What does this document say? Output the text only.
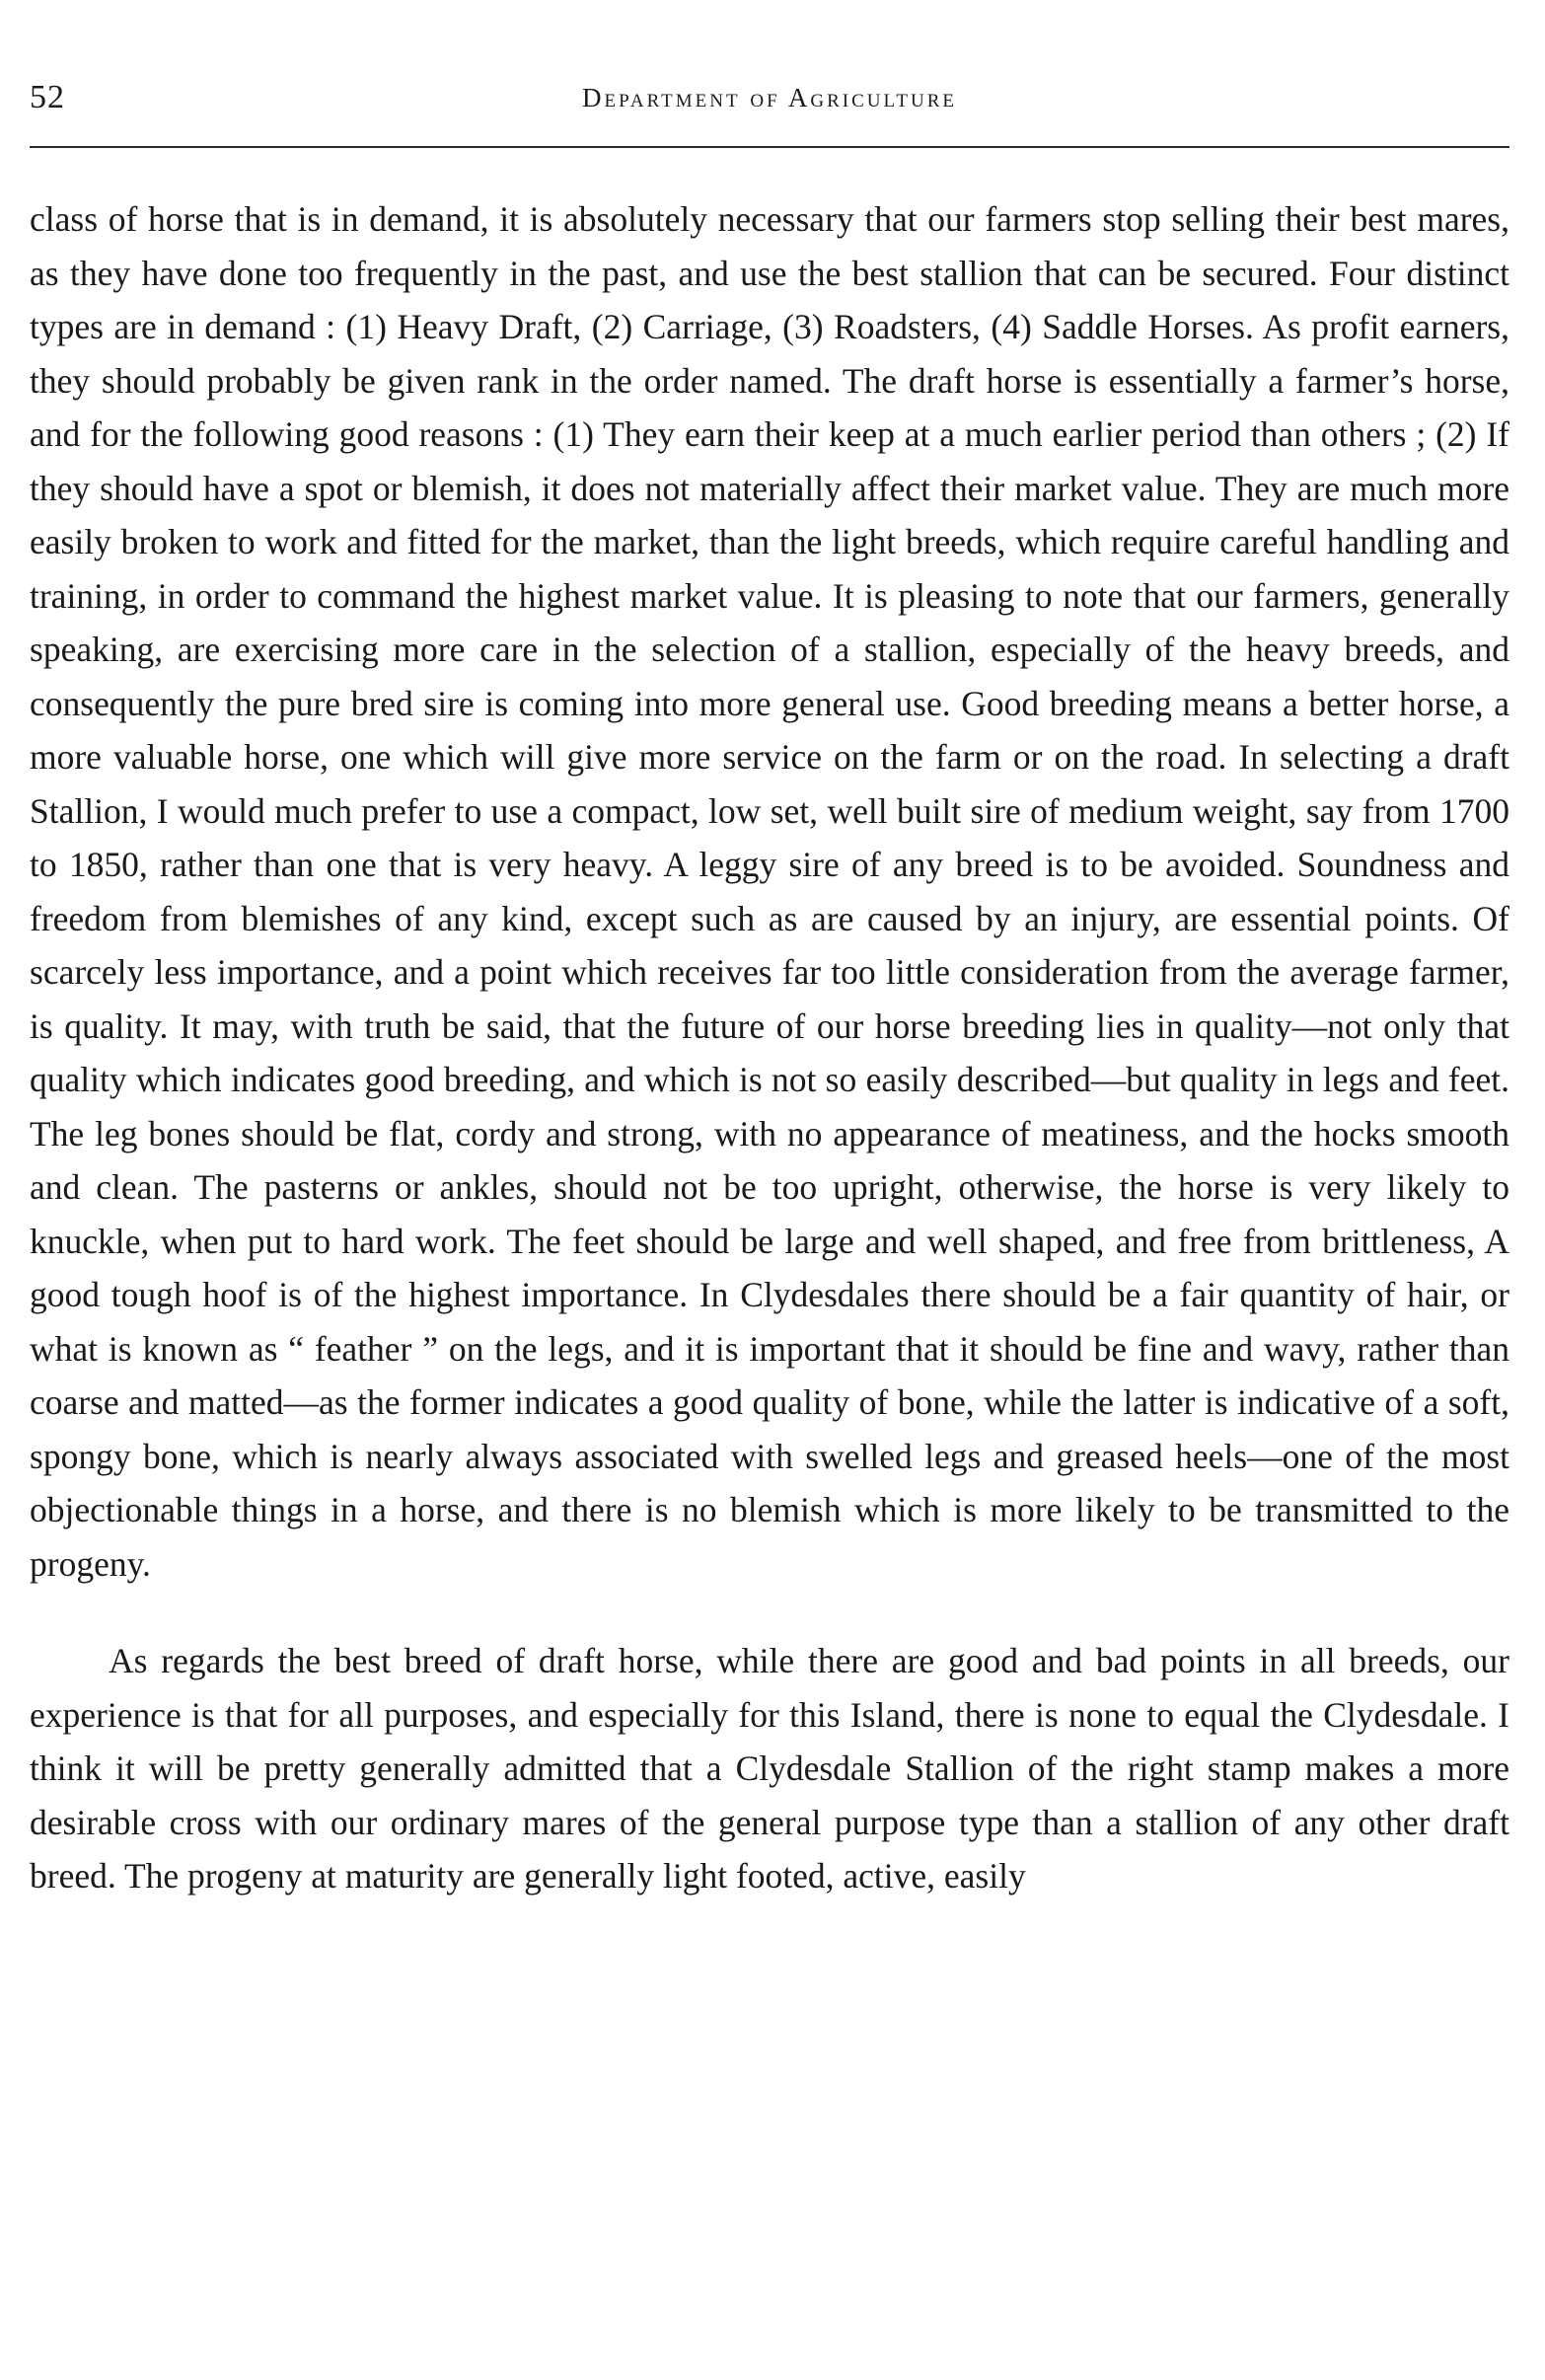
52	Department of Agriculture

class of horse that is in demand, it is absolutely necessary that our farmers stop selling their best mares, as they have done too frequently in the past, and use the best stallion that can be secured. Four distinct types are in demand : (1) Heavy Draft, (2) Carriage, (3) Roadsters, (4) Saddle Horses. As profit earners, they should probably be given rank in the order named. The draft horse is essentially a farmer’s horse, and for the following good reasons : (1) They earn their keep at a much earlier period than others ; (2) If they should have a spot or blemish, it does not materially affect their market value. They are much more easily broken to work and fitted for the market, than the light breeds, which require careful handling and training, in order to command the highest market value. It is pleasing to note that our farmers, generally speaking, are exercising more care in the selection of a stallion, especially of the heavy breeds, and consequently the pure bred sire is coming into more general use. Good breeding means a better horse, a more valuable horse, one which will give more service on the farm or on the road. In selecting a draft Stallion, I would much prefer to use a compact, low set, well built sire of medium weight, say from 1700 to 1850, rather than one that is very heavy. A leggy sire of any breed is to be avoided. Soundness and freedom from blemishes of any kind, except such as are caused by an injury, are essential points. Of scarcely less importance, and a point which receives far too little consideration from the average farmer, is quality. It may, with truth be said, that the future of our horse breeding lies in quality—not only that quality which indicates good breeding, and which is not so easily described—but quality in legs and feet. The leg bones should be flat, cordy and strong, with no appearance of meatiness, and the hocks smooth and clean. The pasterns or ankles, should not be too upright, otherwise, the horse is very likely to knuckle, when put to hard work. The feet should be large and well shaped, and free from brittleness, A good tough hoof is of the highest importance. In Clydesdales there should be a fair quantity of hair, or what is known as “ feather ” on the legs, and it is important that it should be fine and wavy, rather than coarse and matted—as the former indicates a good quality of bone, while the latter is indicative of a soft, spongy bone, which is nearly always associated with swelled legs and greased heels—one of the most objectionable things in a horse, and there is no blemish which is more likely to be transmitted to the progeny.

As regards the best breed of draft horse, while there are good and bad points in all breeds, our experience is that for all purposes, and especially for this Island, there is none to equal the Clydesdale. I think it will be pretty generally admitted that a Clydesdale Stallion of the right stamp makes a more desirable cross with our ordinary mares of the general purpose type than a stallion of any other draft breed. The progeny at maturity are generally light footed, active, easily
